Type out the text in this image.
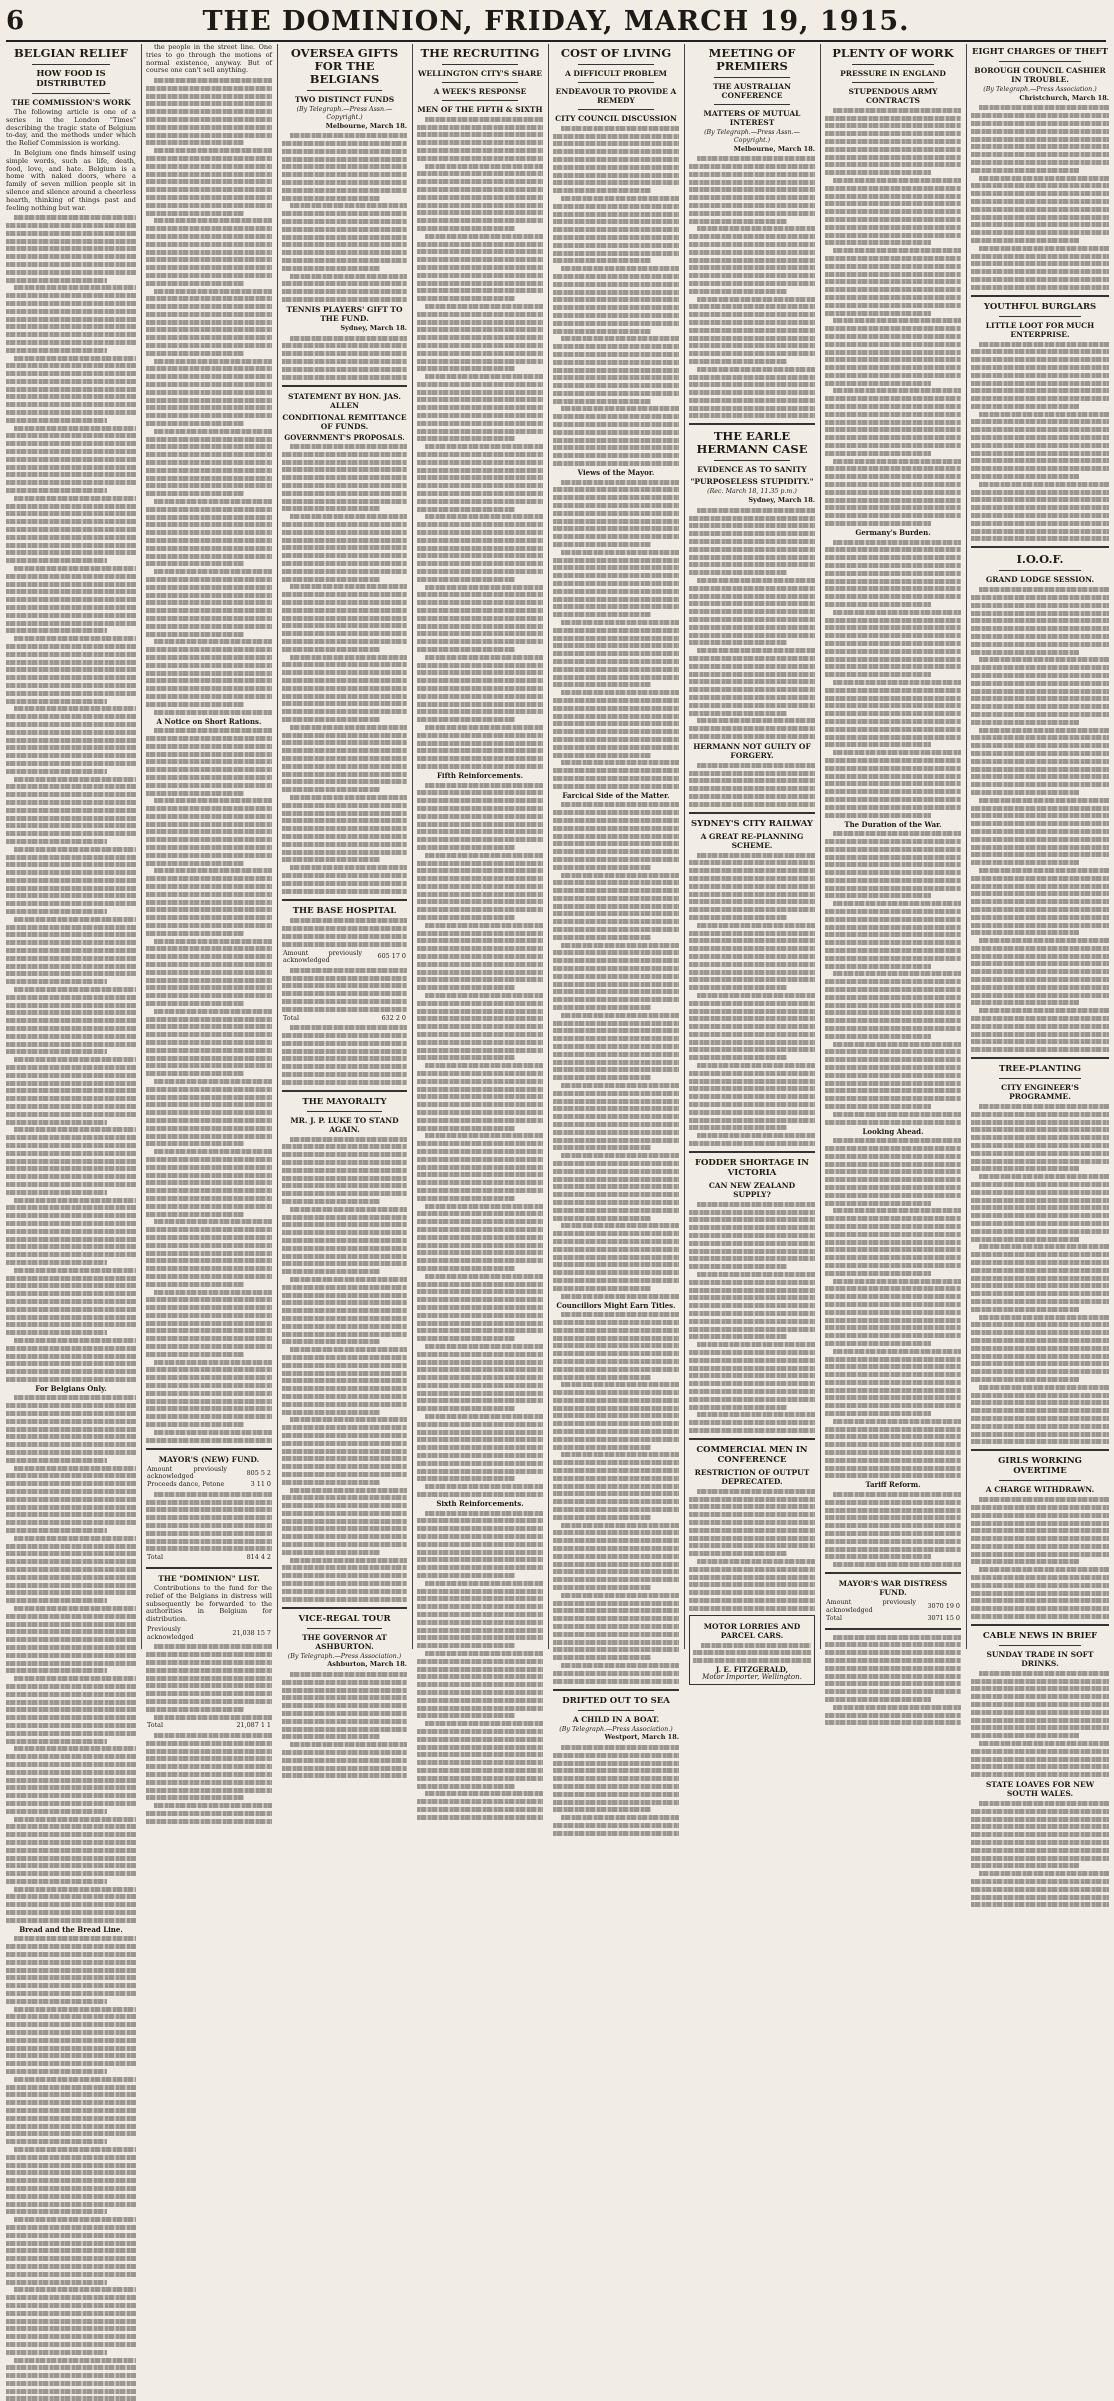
6	THE DOMINION, FRIDAY, MARCH 19, 1915.
BELGIAN RELIEF
HOW FOOD IS DISTRIBUTED
THE COMMISSION'S WORK

The following article is one of a series in the London "Times" describing the tragic state of Belgium to-day, and the methods under which the Relief Commission is working.

In Belgium one finds himself using simple words, such as life, death, food, love, and hate. Belgium is a home with naked doors, where a family of seven million people sit in silence and silence around a cheerless hearth, thinking of things past and feeling nothing but war.

For Belgians Only.
Bread and the Bread Line.

the people in the street line. One tries to go through the motions of normal existence, anyway. But of course one can't sell anything.

A Notice on Short Rations.
MAYOR'S (NEW) FUND.
Amount previously acknowledged	805 5 2
Proceeds dance, Petone	3 11 0
Total	814 4 2
THE "DOMINION" LIST.

Contributions to the fund for the relief of the Belgians in distress will subsequently be forwarded to the authorities in Belgium for distribution.

Previously acknowledged	21,038 15 7
Total	21,087 1 1
OVERSEA GIFTS FOR THE BELGIANS
TWO DISTINCT FUNDS
(By Telegraph.—Press Assn.—Copyright.)
Melbourne, March 18.
TENNIS PLAYERS' GIFT TO THE FUND.
Sydney, March 18.
STATEMENT BY HON. JAS. ALLEN
CONDITIONAL REMITTANCE OF FUNDS.
GOVERNMENT'S PROPOSALS.
THE BASE HOSPITAL
Amount previously acknowledged	605 17 0
Total	632 2 0
THE MAYORALTY
MR. J. P. LUKE TO STAND AGAIN.
VICE-REGAL TOUR
THE GOVERNOR AT ASHBURTON.
(By Telegraph.—Press Association.)
Ashburton, March 18.
THE RECRUITING
WELLINGTON CITY'S SHARE
A WEEK'S RESPONSE
MEN OF THE FIFTH & SIXTH
Fifth Reinforcements.
Sixth Reinforcements.
COST OF LIVING
A DIFFICULT PROBLEM
ENDEAVOUR TO PROVIDE A REMEDY
CITY COUNCIL DISCUSSION
Views of the Mayor.
Farcical Side of the Matter.
Councillors Might Earn Titles.
DRIFTED OUT TO SEA
A CHILD IN A BOAT.
(By Telegraph.—Press Association.)
Westport, March 18.
MEETING OF PREMIERS
THE AUSTRALIAN CONFERENCE
MATTERS OF MUTUAL INTEREST
(By Telegraph.—Press Assn.—Copyright.)
Melbourne, March 18.
THE EARLE HERMANN CASE
EVIDENCE AS TO SANITY
"PURPOSELESS STUPIDITY."
(Rec. March 18, 11.35 p.m.)
Sydney, March 18.
HERMANN NOT GUILTY OF FORGERY.
SYDNEY'S CITY RAILWAY
A GREAT RE-PLANNING SCHEME.
FODDER SHORTAGE IN VICTORIA
CAN NEW ZEALAND SUPPLY?
COMMERCIAL MEN IN CONFERENCE
RESTRICTION OF OUTPUT DEPRECATED.
MOTOR LORRIES AND PARCEL CARS.
J. E. FITZGERALD,
Motor Importer, Wellington.
PLENTY OF WORK
PRESSURE IN ENGLAND
STUPENDOUS ARMY CONTRACTS
Germany's Burden.
The Duration of the War.
Looking Ahead.
Tariff Reform.
MAYOR'S WAR DISTRESS FUND.
Amount previously acknowledged	3070 19 0
Total	3071 15 0
EIGHT CHARGES OF THEFT
BOROUGH COUNCIL CASHIER IN TROUBLE.
(By Telegraph.—Press Association.)
Christchurch, March 18.
YOUTHFUL BURGLARS
LITTLE LOOT FOR MUCH ENTERPRISE.
I.O.O.F.
GRAND LODGE SESSION.
TREE-PLANTING
CITY ENGINEER'S PROGRAMME.
GIRLS WORKING OVERTIME
A CHARGE WITHDRAWN.
CABLE NEWS IN BRIEF
SUNDAY TRADE IN SOFT DRINKS.
STATE LOAVES FOR NEW SOUTH WALES.
